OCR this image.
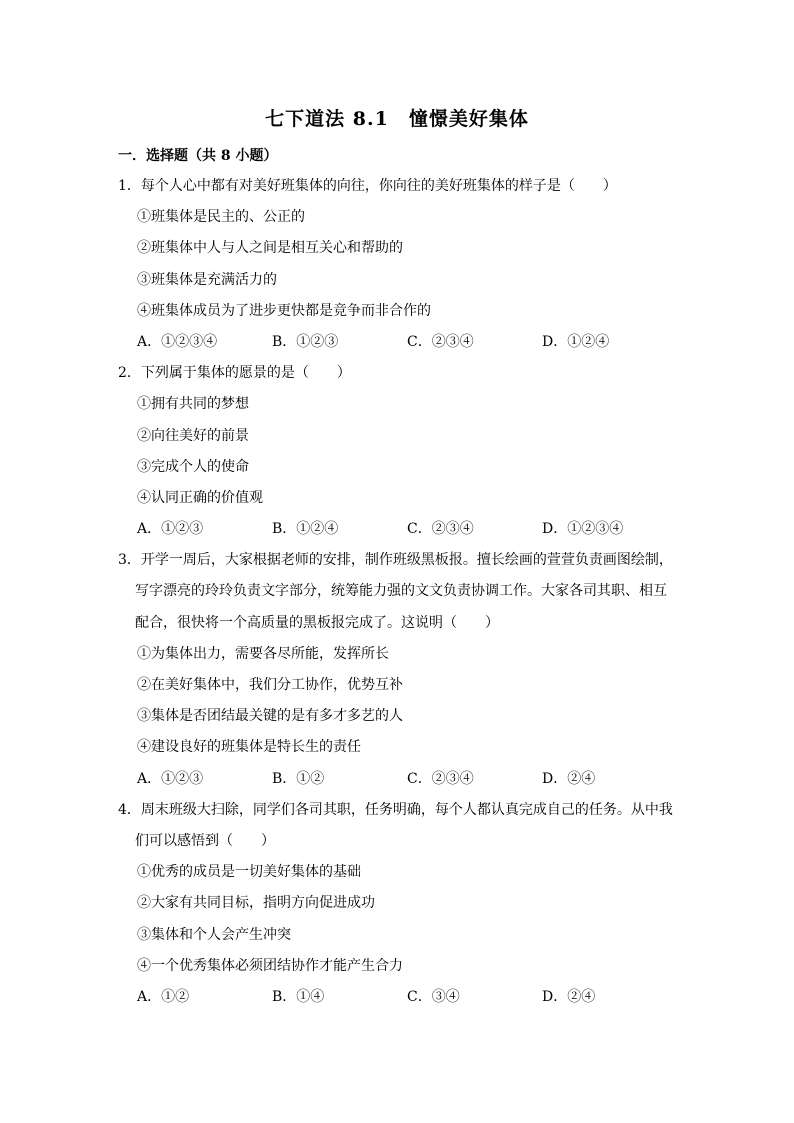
七下道法 8.1　憧憬美好集体
一．选择题（共 8 小题）
1．每个人心中都有对美好班集体的向往，你向往的美好班集体的样子是（　　）
①班集体是民主的、公正的
②班集体中人与人之间是相互关心和帮助的
③班集体是充满活力的
④班集体成员为了进步更快都是竞争而非合作的
A．①②③④	B．①②③	C．②③④	D．①②④
2．下列属于集体的愿景的是（　　）
①拥有共同的梦想
②向往美好的前景
③完成个人的使命
④认同正确的价值观
A．①②③	B．①②④	C．②③④	D．①②③④
3．开学一周后，大家根据老师的安排，制作班级黑板报。擅长绘画的萱萱负责画图绘制，
写字漂亮的玲玲负责文字部分，统筹能力强的文文负责协调工作。大家各司其职、相互
配合，很快将一个高质量的黑板报完成了。这说明（　　）
①为集体出力，需要各尽所能，发挥所长
②在美好集体中，我们分工协作，优势互补
③集体是否团结最关键的是有多才多艺的人
④建设良好的班集体是特长生的责任
A．①②③	B．①②	C．②③④	D．②④
4．周末班级大扫除，同学们各司其职，任务明确，每个人都认真完成自己的任务。从中我
们可以感悟到（　　）
①优秀的成员是一切美好集体的基础
②大家有共同目标，指明方向促进成功
③集体和个人会产生冲突
④一个优秀集体必须团结协作才能产生合力
A．①②	B．①④	C．③④	D．②④
